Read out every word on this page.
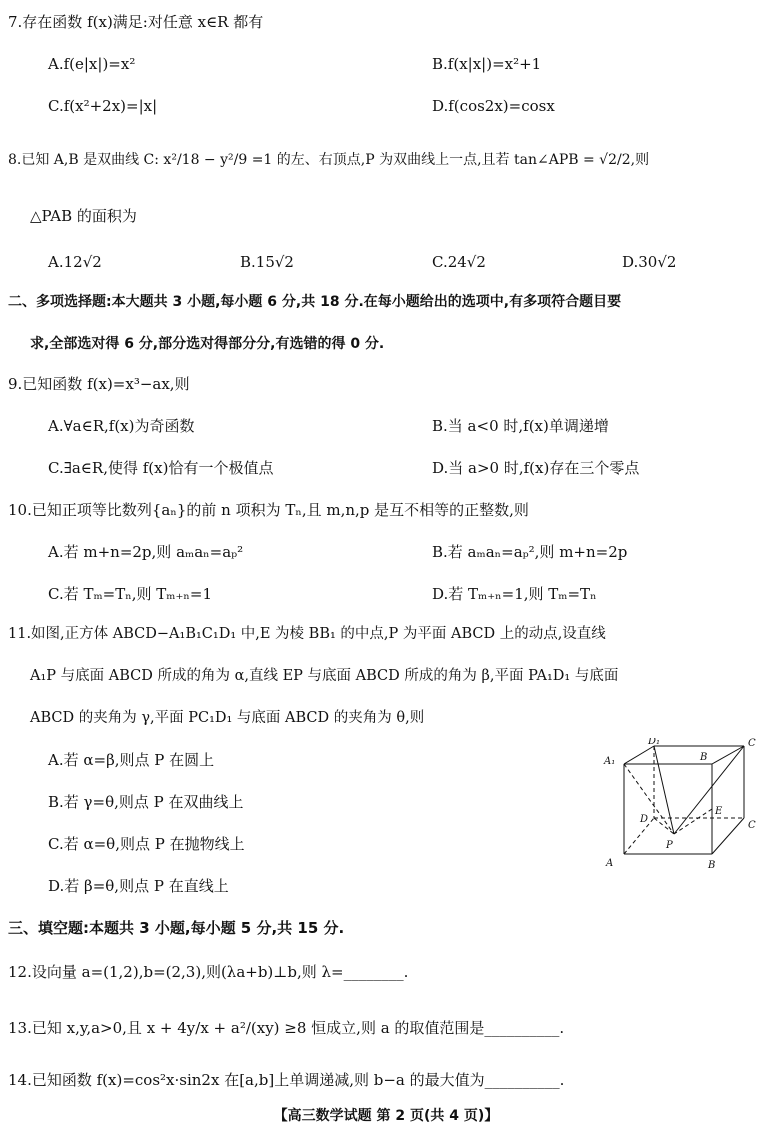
7.存在函数 f(x)满足:对任意 x∈R 都有
A.f(e|x|)=x²	B.f(x|x|)=x²+1
C.f(x²+2x)=|x|	D.f(cos2x)=cosx
8.已知 A,B 是双曲线 C: x²/18 − y²/9 =1 的左、右顶点,P 为双曲线上一点,且若 tan∠APB = √2/2,则
△PAB 的面积为
A.12√2	B.15√2	C.24√2	D.30√2
二、多项选择题:本大题共 3 小题,每小题 6 分,共 18 分.在每小题给出的选项中,有多项符合题目要
求,全部选对得 6 分,部分选对得部分分,有选错的得 0 分.
9.已知函数 f(x)=x³−ax,则
A.∀a∈R,f(x)为奇函数	B.当 a<0 时,f(x)单调递增
C.∃a∈R,使得 f(x)恰有一个极值点	D.当 a>0 时,f(x)存在三个零点
10.已知正项等比数列{aₙ}的前 n 项积为 Tₙ,且 m,n,p 是互不相等的正整数,则
A.若 m+n=2p,则 aₘaₙ=aₚ²	B.若 aₘaₙ=aₚ²,则 m+n=2p
C.若 Tₘ=Tₙ,则 Tₘ₊ₙ=1	D.若 Tₘ₊ₙ=1,则 Tₘ=Tₙ
11.如图,正方体 ABCD−A₁B₁C₁D₁ 中,E 为棱 BB₁ 的中点,P 为平面 ABCD 上的动点,设直线
A₁P 与底面 ABCD 所成的角为 α,直线 EP 与底面 ABCD 所成的角为 β,平面 PA₁D₁ 与底面
ABCD 的夹角为 γ,平面 PC₁D₁ 与底面 ABCD 的夹角为 θ,则
A.若 α=β,则点 P 在圆上
B.若 γ=θ,则点 P 在双曲线上
C.若 α=θ,则点 P 在抛物线上
D.若 β=θ,则点 P 在直线上
D₁	C
A₁	B
D
E
C
P
A	B
三、填空题:本题共 3 小题,每小题 5 分,共 15 分.
12.设向量 a=(1,2),b=(2,3),则(λa+b)⊥b,则 λ=________.
13.已知 x,y,a>0,且 x + 4y/x + a²/(xy) ≥8 恒成立,则 a 的取值范围是__________.
14.已知函数 f(x)=cos²x·sin2x 在[a,b]上单调递减,则 b−a 的最大值为__________.
【高三数学试题 第 2 页(共 4 页)】
